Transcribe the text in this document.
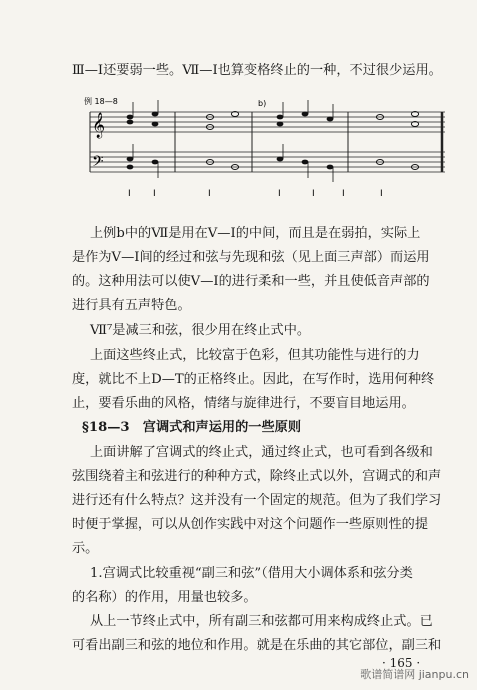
Ⅲ—Ⅰ还要弱一些。Ⅶ—Ⅰ也算变格终止的一种，不过很少运用。
例 18—8	b)
𝄞
𝄢
Ⅰ Ⅰ	Ⅰ	Ⅰ	Ⅰ	Ⅰ	Ⅰ
上例b中的Ⅶ是用在Ⅴ—Ⅰ的中间，而且是在弱拍，实际上
是作为Ⅴ—Ⅰ间的经过和弦与先现和弦（见上面三声部）而运用
的。这种用法可以使Ⅴ—Ⅰ的进行柔和一些，并且使低音声部的
进行具有五声特色。
Ⅶ⁷是减三和弦，很少用在终止式中。
上面这些终止式，比较富于色彩，但其功能性与进行的力
度，就比不上D—T的正格终止。因此，在写作时，选用何种终
止，要看乐曲的风格，情绪与旋律进行，不要盲目地运用。
§18—3　宫调式和声运用的一些原则
上面讲解了宫调式的终止式，通过终止式，也可看到各级和
弦围绕着主和弦进行的种种方式，除终止式以外，宫调式的和声
进行还有什么特点？这并没有一个固定的规范。但为了我们学习
时便于掌握，可以从创作实践中对这个问题作一些原则性的提
示。
1.宫调式比较重视“副三和弦”（借用大小调体系和弦分类
的名称）的作用，用量也较多。
从上一节终止式中，所有副三和弦都可用来构成终止式。已
可看出副三和弦的地位和作用。就是在乐曲的其它部位，副三和
· 165 ·
歌谱简谱网 jianpu.cn
